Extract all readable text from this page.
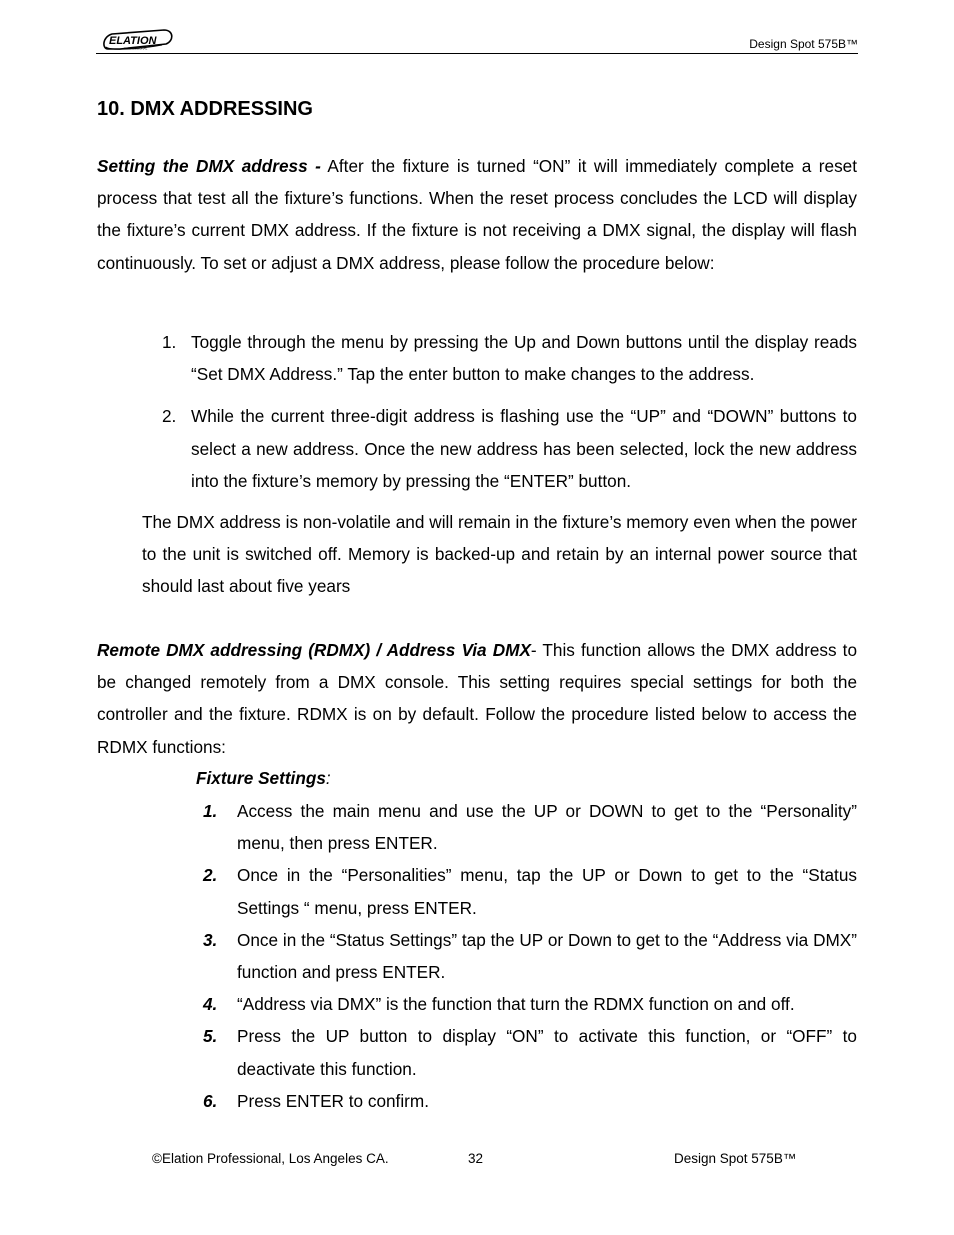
ELATION
PROFESSIONAL	Design Spot 575B™
10. DMX ADDRESSING
Setting the DMX address - After the fixture is turned “ON” it will immediately complete a reset process that test all the fixture’s functions. When the reset process concludes the LCD will display the fixture’s current DMX address. If the fixture is not receiving a DMX signal, the display will flash continuously. To set or adjust a DMX address, please follow the procedure below:
1. Toggle through the menu by pressing the Up and Down buttons until the display reads “Set DMX Address.” Tap the enter button to make changes to the address.
2. While the current three-digit address is flashing use the “UP” and “DOWN” buttons to select a new address. Once the new address has been selected, lock the new address into the fixture’s memory by pressing the “ENTER” button.
The DMX address is non-volatile and will remain in the fixture’s memory even when the power to the unit is switched off. Memory is backed-up and retain by an internal power source that should last about five years
Remote DMX addressing (RDMX) / Address Via DMX- This function allows the DMX address to be changed remotely from a DMX console. This setting requires special settings for both the controller and the fixture. RDMX is on by default. Follow the procedure listed below to access the RDMX functions:
Fixture Settings:
1.	Access the main menu and use the UP or DOWN to get to the “Personality” menu, then press ENTER.
2.	Once in the “Personalities” menu, tap the UP or Down to get to the “Status Settings “ menu, press ENTER.
3.	Once in the “Status Settings” tap the UP or Down to get to the “Address via DMX” function and press ENTER.
4.	“Address via DMX” is the function that turn the RDMX function on and off.
5.	Press the UP button to display “ON” to activate this function, or “OFF” to deactivate this function.
6.	Press ENTER to confirm.
©Elation Professional, Los Angeles CA.	32	Design Spot 575B™
